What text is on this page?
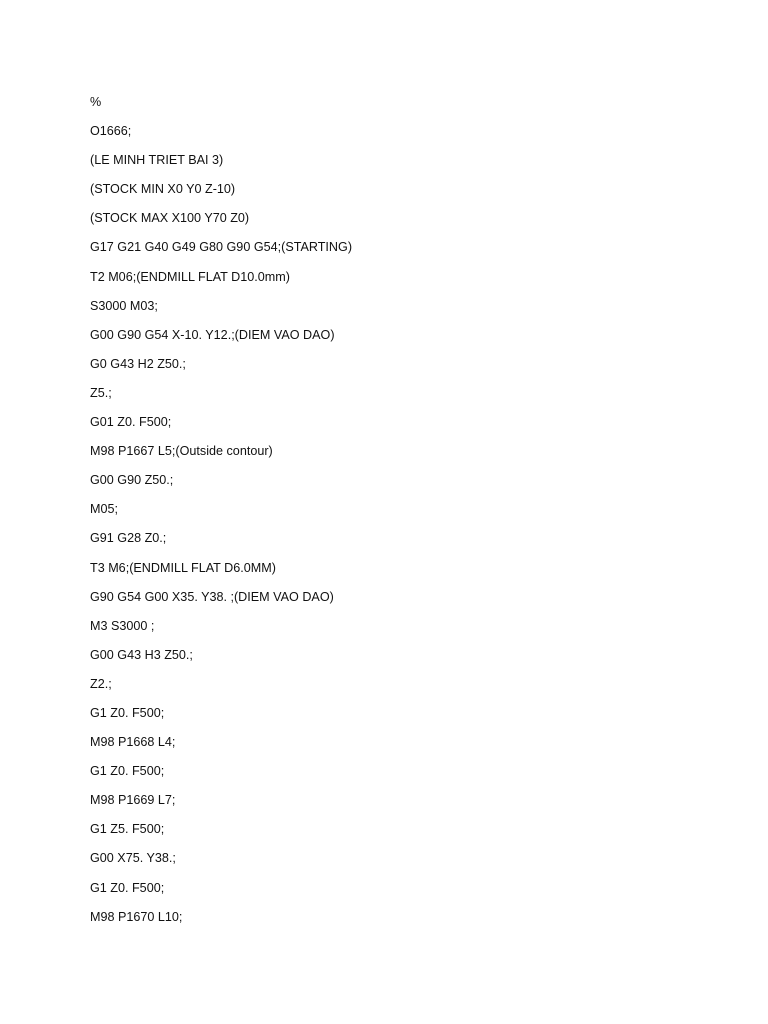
%
O1666;
(LE MINH TRIET BAI 3)
(STOCK MIN X0 Y0 Z-10)
(STOCK MAX X100 Y70 Z0)
G17 G21 G40 G49 G80 G90 G54;(STARTING)
T2 M06;(ENDMILL FLAT D10.0mm)
S3000 M03;
G00 G90 G54 X-10. Y12.;(DIEM VAO DAO)
G0 G43 H2 Z50.;
Z5.;
G01 Z0. F500;
M98 P1667 L5;(Outside contour)
G00 G90 Z50.;
M05;
G91 G28 Z0.;
T3 M6;(ENDMILL FLAT D6.0MM)
G90 G54 G00 X35. Y38. ;(DIEM VAO DAO)
M3 S3000 ;
G00 G43 H3 Z50.;
Z2.;
G1 Z0. F500;
M98 P1668 L4;
G1 Z0. F500;
M98 P1669 L7;
G1 Z5. F500;
G00 X75. Y38.;
G1 Z0. F500;
M98 P1670 L10;
